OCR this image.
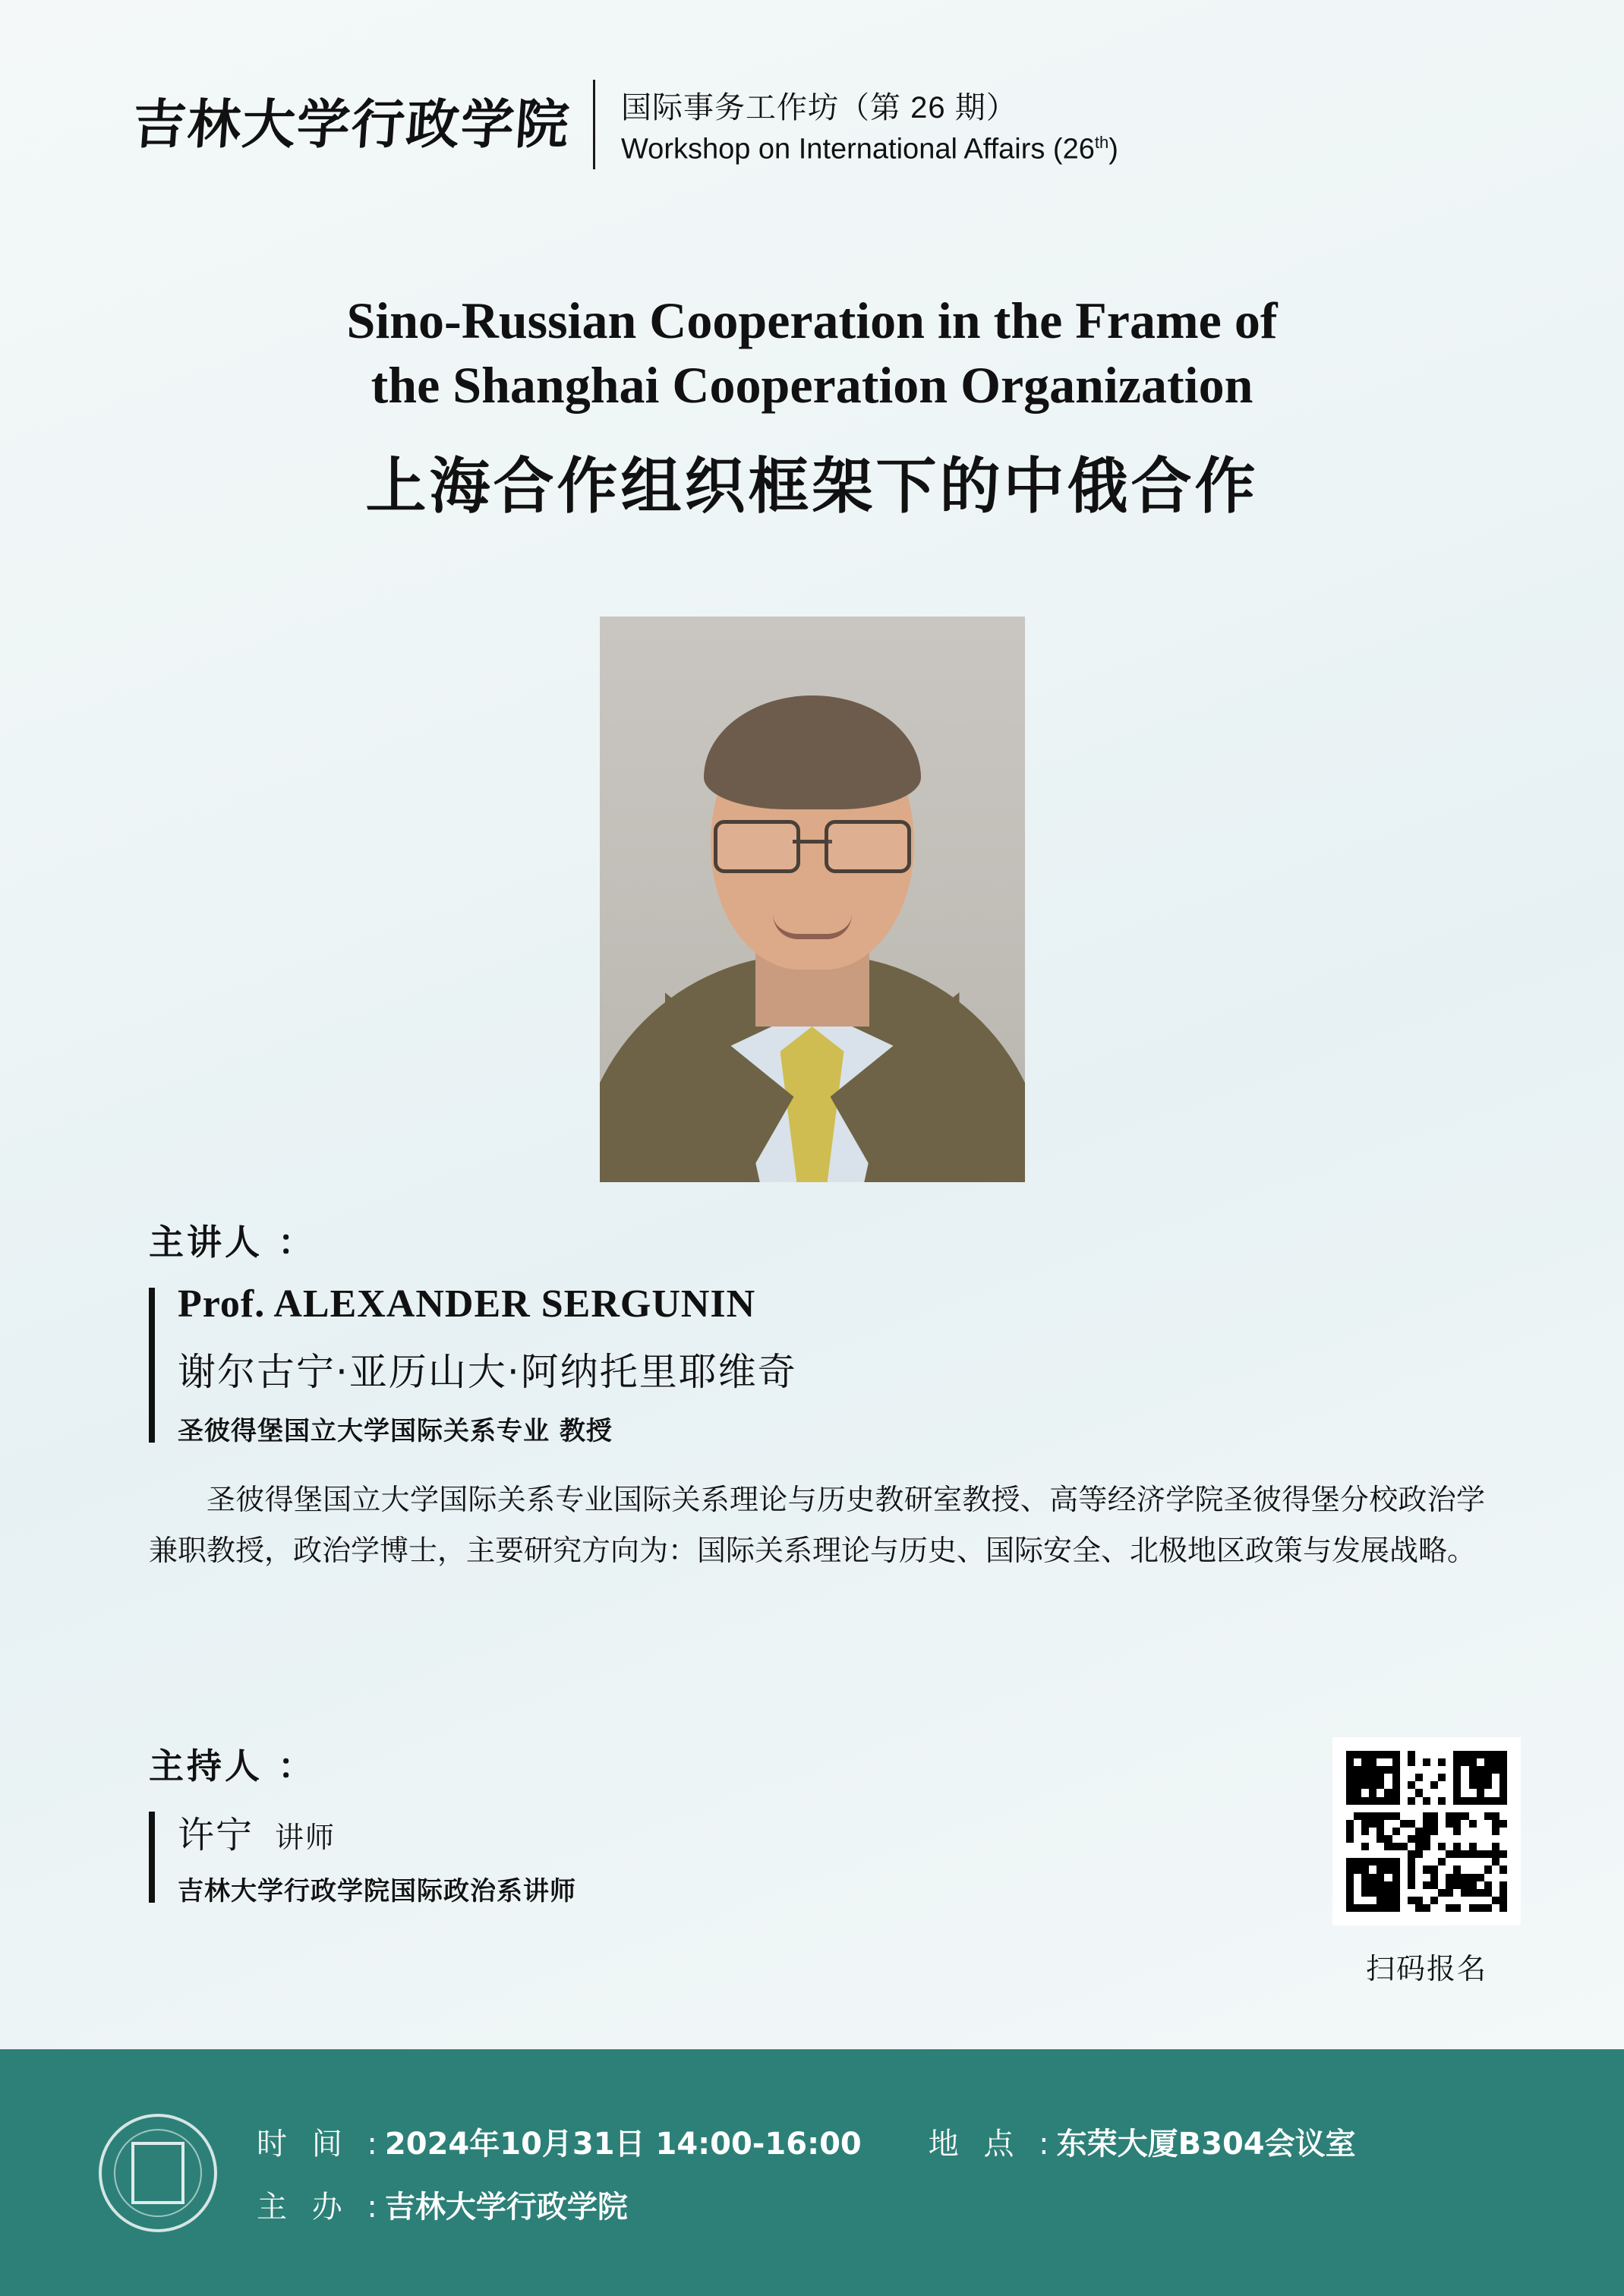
吉林大学行政学院 国际事务工作坊（第 26 期）
Workshop on International Affairs (26th)
Sino-Russian Cooperation in the Frame of
the Shanghai Cooperation Organization
上海合作组织框架下的中俄合作
主讲人 ：
Prof. ALEXANDER SERGUNIN
谢尔古宁·亚历山大·阿纳托里耶维奇
圣彼得堡国立大学国际关系专业 教授
圣彼得堡国立大学国际关系专业国际关系理论与历史教研室教授、高等经济学院圣彼得堡分校政治学兼职教授，政治学博士，主要研究方向为：国际关系理论与历史、国际安全、北极地区政策与发展战略。
主持人 ：
许宁 讲师
吉林大学行政学院国际政治系讲师
扫码报名
时 间 : 2024年10月31日 14:00-16:00 地 点 : 东荣大厦B304会议室
主 办 : 吉林大学行政学院
